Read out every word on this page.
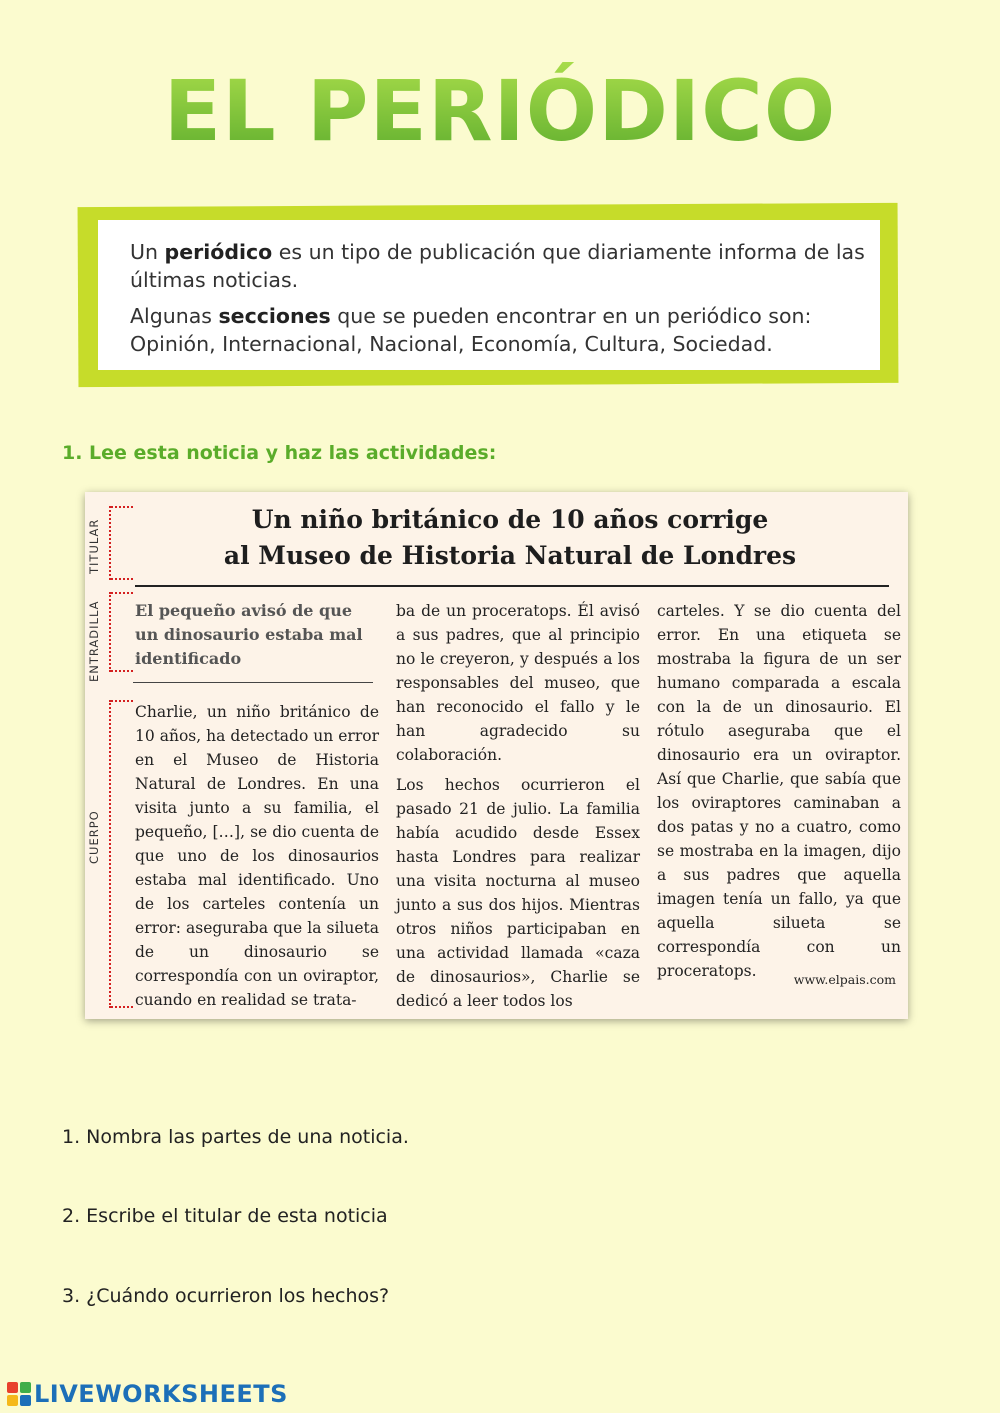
EL PERIÓDICO

Un periódico es un tipo de publicación que diariamente informa de las últimas noticias.

Algunas secciones que se pueden encontrar en un periódico son: Opinión, Internacional, Nacional, Economía, Cultura, Sociedad.

1. Lee esta noticia y haz las actividades:
TITULAR
ENTRADILLA
CUERPO
Un niño británico de 10 años corrige
al Museo de Historia Natural de Londres
El pequeño avisó de que un dinosaurio estaba mal identificado

Charlie, un niño británico de 10 años, ha detectado un error en el Museo de Historia Natural de Londres. En una visita junto a su familia, el pequeño, […], se dio cuenta de que uno de los dinosaurios estaba mal identificado. Uno de los carteles contenía un error: aseguraba que la silueta de un dinosaurio se correspondía con un oviraptor, cuando en realidad se trata-

ba de un proceratops. Él avisó a sus padres, que al principio no le creyeron, y después a los responsables del museo, que han reconocido el fallo y le han agradecido su colaboración.

Los hechos ocurrieron el pasado 21 de julio. La familia había acudido desde Essex hasta Londres para realizar una visita nocturna al museo junto a sus dos hijos. Mientras otros niños participaban en una actividad llamada «caza de dinosaurios», Charlie se dedicó a leer todos los

carteles. Y se dio cuenta del error. En una etiqueta se mostraba la figura de un ser humano comparada a escala con la de un dinosaurio. El rótulo aseguraba que el dinosaurio era un oviraptor. Así que Charlie, que sabía que los oviraptores caminaban a dos patas y no a cuatro, como se mostraba en la imagen, dijo a sus padres que aquella imagen tenía un fallo, ya que aquella silueta se correspondía con un proceratops.	www.elpais.com
1. Nombra las partes de una noticia.
2. Escribe el titular de esta noticia
3. ¿Cuándo ocurrieron los hechos?
LIVEWORKSHEETS
